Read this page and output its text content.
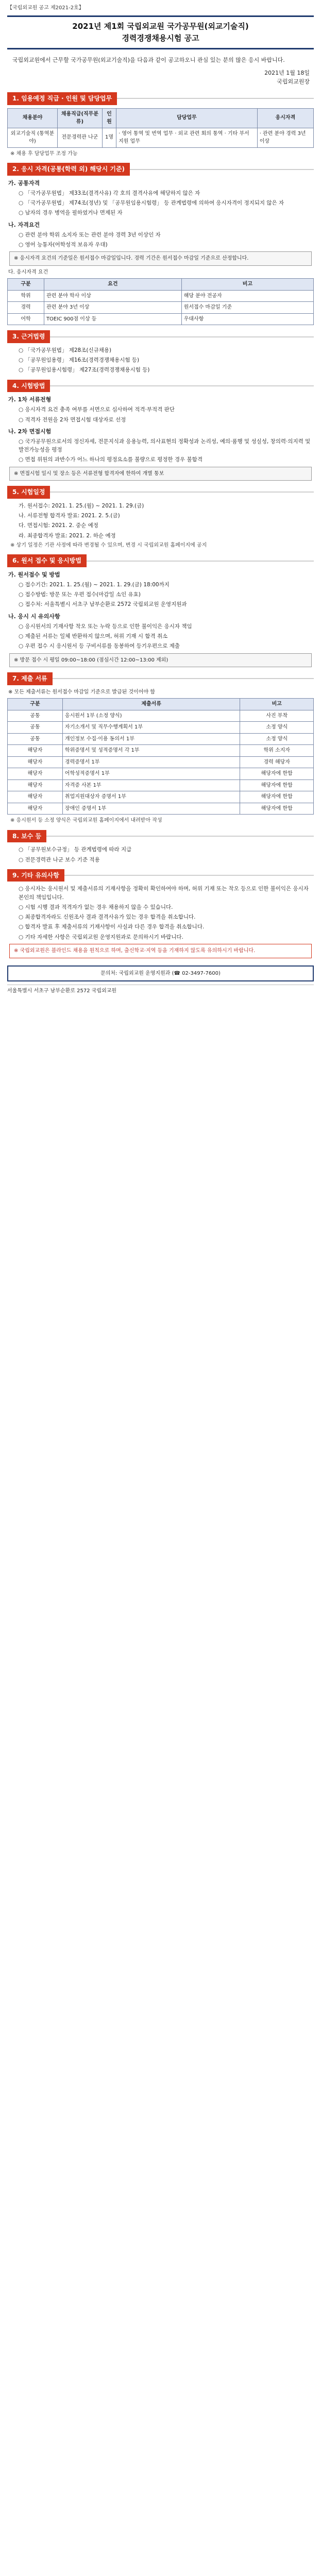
【국립외교원 공고 제2021-2호】
2021년 제1회 국립외교원 국가공무원(외교기술직)
경력경쟁채용시험 공고

국립외교원에서 근무할 국가공무원(외교기술직)을 다음과 같이 공고하오니 관심 있는 분의 많은 응시 바랍니다.

2021년 1월 18일
국립외교원장
1. 임용예정 직급 · 인원 및 담당업무
채용분야	채용직급(직무분류)	인원	담당업무	응시자격
외교기술직 (통역분야)	전문경력관 나군	1명	· 영어 통역 및 번역 업무 · 외교 관련 회의 통역 · 기타 부서 지원 업무	· 관련 분야 경력 3년 이상
※ 채용 후 담당업무 조정 가능
2. 응시 자격(공통(학력 외) 해당시 기준)
가. 공통자격

○ 「국가공무원법」 제33조(결격사유) 각 호의 결격사유에 해당하지 않은 자

○ 「국가공무원법」 제74조(정년) 및 「공무원임용시험령」 등 관계법령에 의하여 응시자격이 정지되지 않은 자

○ 남자의 경우 병역을 필하였거나 면제된 자

나. 자격요건

○ 관련 분야 학위 소지자 또는 관련 분야 경력 3년 이상인 자

○ 영어 능통자(어학성적 보유자 우대)

※ 응시자격 요건의 기준일은 원서접수 마감일입니다. 경력 기간은 원서접수 마감일 기준으로 산정합니다.
다. 응시자격 요건
구분	요건	비고
학위	관련 분야 학사 이상	해당 분야 전공자
경력	관련 분야 3년 이상	원서접수 마감일 기준
어학	TOEIC 900점 이상 등	우대사항
3. 근거법령

○ 「국가공무원법」 제28조(신규채용)

○ 「공무원임용령」 제16조(경력경쟁채용시험 등)

○ 「공무원임용시험령」 제27조(경력경쟁채용시험 등)

4. 시험방법
가. 1차 서류전형

○ 응시자격 요건 충족 여부를 서면으로 심사하여 적격·부적격 판단

○ 적격자 전원을 2차 면접시험 대상자로 선정

나. 2차 면접시험

○ 국가공무원으로서의 정신자세, 전문지식과 응용능력, 의사표현의 정확성과 논리성, 예의·품행 및 성실성, 창의력·의지력 및 발전가능성을 평정

○ 면접 위원의 과반수가 어느 하나의 평정요소를 불량으로 평정한 경우 불합격

※ 면접시험 일시 및 장소 등은 서류전형 합격자에 한하여 개별 통보
5. 시험일정

가. 원서접수: 2021. 1. 25.(월) ~ 2021. 1. 29.(금)

나. 서류전형 합격자 발표: 2021. 2. 5.(금)

다. 면접시험: 2021. 2. 중순 예정

라. 최종합격자 발표: 2021. 2. 하순 예정

※ 상기 일정은 기관 사정에 따라 변경될 수 있으며, 변경 시 국립외교원 홈페이지에 공지
6. 원서 접수 및 응시방법
가. 원서접수 및 방법

○ 접수기간: 2021. 1. 25.(월) ~ 2021. 1. 29.(금) 18:00까지

○ 접수방법: 방문 또는 우편 접수(마감일 소인 유효)

○ 접수처: 서울특별시 서초구 남부순환로 2572 국립외교원 운영지원과

나. 응시 시 유의사항

○ 응시원서의 기재사항 착오 또는 누락 등으로 인한 불이익은 응시자 책임

○ 제출된 서류는 일체 반환하지 않으며, 허위 기재 시 합격 취소

○ 우편 접수 시 응시원서 등 구비서류를 동봉하여 등기우편으로 제출

※ 방문 접수 시 평일 09:00~18:00 (점심시간 12:00~13:00 제외)
7. 제출 서류
※ 모든 제출서류는 원서접수 마감일 기준으로 발급된 것이어야 함
구분	제출서류	비고
공통	응시원서 1부 (소정 양식)	사진 부착
공통	자기소개서 및 직무수행계획서 1부	소정 양식
공통	개인정보 수집·이용 동의서 1부	소정 양식
해당자	학위증명서 및 성적증명서 각 1부	학위 소지자
해당자	경력증명서 1부	경력 해당자
해당자	어학성적증명서 1부	해당자에 한함
해당자	자격증 사본 1부	해당자에 한함
해당자	취업지원대상자 증명서 1부	해당자에 한함
해당자	장애인 증명서 1부	해당자에 한함
※ 응시원서 등 소정 양식은 국립외교원 홈페이지에서 내려받아 작성
8. 보수 등

○ 「공무원보수규정」 등 관계법령에 따라 지급

○ 전문경력관 나군 보수 기준 적용

9. 기타 유의사항

○ 응시자는 응시원서 및 제출서류의 기재사항을 정확히 확인하여야 하며, 허위 기재 또는 착오 등으로 인한 불이익은 응시자 본인의 책임입니다.

○ 시험 시행 결과 적격자가 없는 경우 채용하지 않을 수 있습니다.

○ 최종합격자라도 신원조사 결과 결격사유가 있는 경우 합격을 취소합니다.

○ 합격자 발표 후 제출서류의 기재사항이 사실과 다른 경우 합격을 취소합니다.

○ 기타 자세한 사항은 국립외교원 운영지원과로 문의하시기 바랍니다.

※ 국립외교원은 블라인드 채용을 원칙으로 하며, 출신학교·지역 등을 기재하지 않도록 유의하시기 바랍니다.
문의처: 국립외교원 운영지원과 (☎ 02-3497-7600)
서울특별시 서초구 남부순환로 2572 국립외교원
